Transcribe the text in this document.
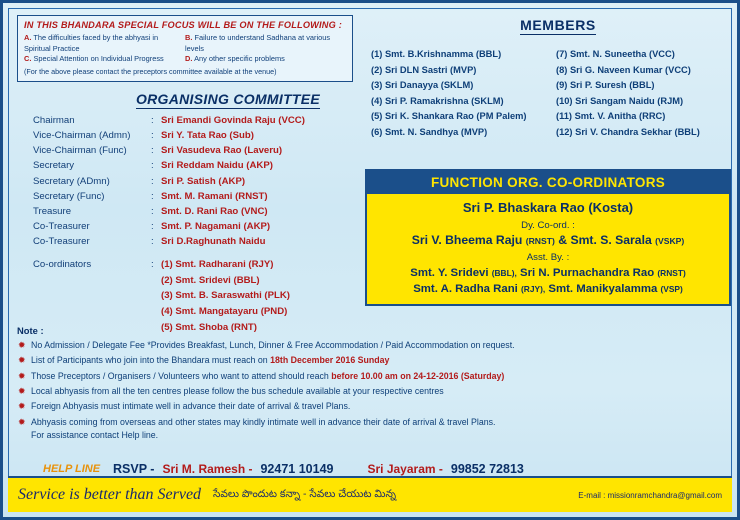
IN THIS BHANDARA SPECIAL FOCUS WILL BE ON THE FOLLOWING :
A. The difficulties faced by the abhyasi in Spiritual Practice
B. Failure to understand Sadhana at various levels
C. Special Attention on Individual Progress	D. Any other specific problems
(For the above please contact the preceptors committee available at the venue)
ORGANISING COMMITTEE
Chairman	: Sri Emandi Govinda Raju (VCC)
Vice-Chairman (Admn)	: Sri Y. Tata Rao (Sub)
Vice-Chairman (Func)	: Sri Vasudeva Rao (Laveru)
Secretary	: Sri Reddam Naidu (AKP)
Secretary (ADmn)	: Sri P. Satish (AKP)
Secretary (Func)	: Smt. M. Ramani (RNST)
Treasure	: Smt. D. Rani Rao (VNC)
Co-Treasurer	: Smt. P. Nagamani (AKP)
Co-Treasurer	: Sri D.Raghunath Naidu
Co-ordinators	: (1) Smt. Radharani (RJY)
(2) Smt. Sridevi (BBL)
(3) Smt. B. Saraswathi (PLK)
(4) Smt. Mangatayaru (PND)
(5) Smt. Shoba (RNT)
MEMBERS
(1) Smt. B.Krishnamma (BBL)
(2) Sri DLN Sastri (MVP)
(3) Sri Danayya (SKLM)
(4) Sri P. Ramakrishna (SKLM)
(5) Sri K. Shankara Rao (PM Palem)
(6) Smt. N. Sandhya (MVP)
(7) Smt. N. Suneetha (VCC)
(8) Sri G. Naveen Kumar (VCC)
(9) Sri P. Suresh (BBL)
(10) Sri Sangam Naidu (RJM)
(11) Smt. V. Anitha (RRC)
(12) Sri V. Chandra Sekhar (BBL)
FUNCTION ORG. CO-ORDINATORS
Sri P. Bhaskara Rao (Kosta)
Dy. Co-ord. :
Sri V. Bheema Raju (RNST) & Smt. S. Sarala (VSKP)
Asst. By. :
Smt. Y. Sridevi (BBL), Sri N. Purnachandra Rao (RNST)
Smt. A. Radha Rani (RJY), Smt. Manikyalamma (VSP)
Note :
✹ No Admission / Delegate Fee *Provides Breakfast, Lunch, Dinner & Free Accommodation / Paid Accommodation on request.
✹ List of Participants who join into the Bhandara must reach on 18th December 2016 Sunday
✹ Those Preceptors / Organisers / Volunteers who want to attend should reach before 10.00 am on 24-12-2016 (Saturday)
✹ Local abhyasis from all the ten centres please follow the bus schedule available at your respective centres
✹ Foreign Abhyasis must intimate well in advance their date of arrival & travel Plans.
✹ Abhyasis coming from overseas and other states may kindly intimate well in advance their date of arrival & travel Plans.
For assistance contact Help line.
HELP LINE	RSVP - Sri M. Ramesh - 92471 10149	Sri Jayaram - 99852 72813
Service is better than Served సేవలు పొందుట కన్నా - సేవలు చేయుట మిన్న	E-mail : missionramchandra@gmail.com
